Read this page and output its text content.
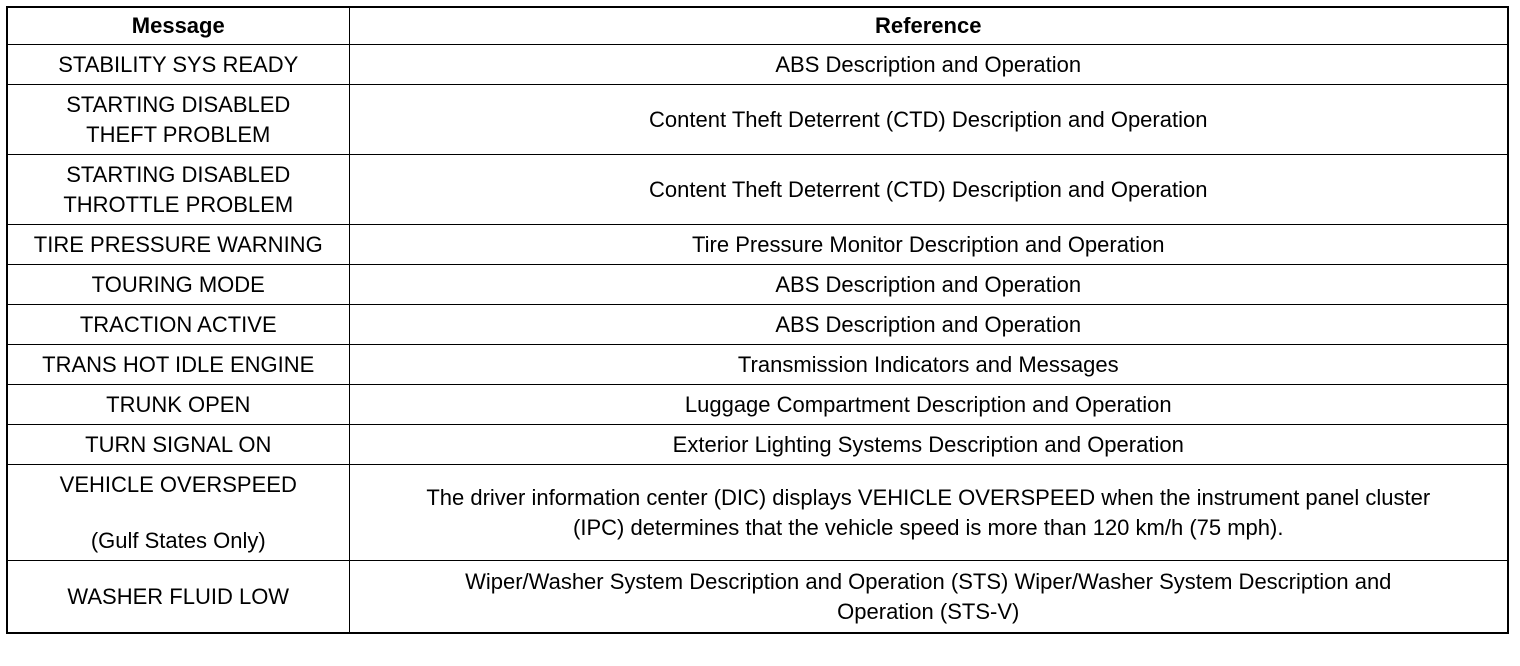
Message	Reference

STABILITY SYS READY	ABS Description and Operation

STARTING DISABLED
THEFT PROBLEM	Content Theft Deterrent (CTD) Description and Operation

STARTING DISABLED
THROTTLE PROBLEM	Content Theft Deterrent (CTD) Description and Operation

TIRE PRESSURE WARNING	Tire Pressure Monitor Description and Operation

TOURING MODE	ABS Description and Operation

TRACTION ACTIVE	ABS Description and Operation

TRANS HOT IDLE ENGINE	Transmission Indicators and Messages

TRUNK OPEN	Luggage Compartment Description and Operation

TURN SIGNAL ON	Exterior Lighting Systems Description and Operation

VEHICLE OVERSPEED
(Gulf States Only)	The driver information center (DIC) displays VEHICLE OVERSPEED when the instrument panel cluster
(IPC) determines that the vehicle speed is more than 120 km/h (75 mph).

WASHER FLUID LOW	Wiper/Washer System Description and Operation (STS) Wiper/Washer System Description and
Operation (STS-V)
